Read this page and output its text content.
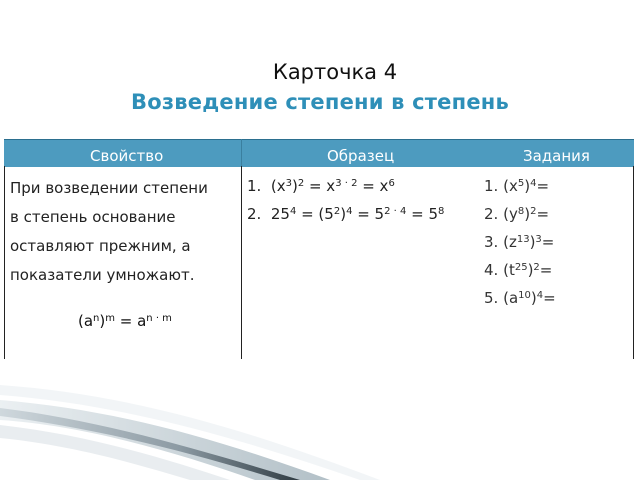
Карточка 4
Возведение степени в степень
Свойство	Образец	Задания
При возведении степени
в степень основание
оставляют прежним, а
показатели умножают.
$(a^n)^m = a^{n \cdot m}$
1. $(x^3)^2 = x^{3 \cdot 2} = x^6$
2. $25^4 = (5^2)^4 = 5^{2 \cdot 4} = 5^8$
1. $(x^5)^4=$
2. $(y^8)^2=$
3. $(z^{13})^3=$
4. $(t^{25})^2=$
5. $(a^{10})^4=$
